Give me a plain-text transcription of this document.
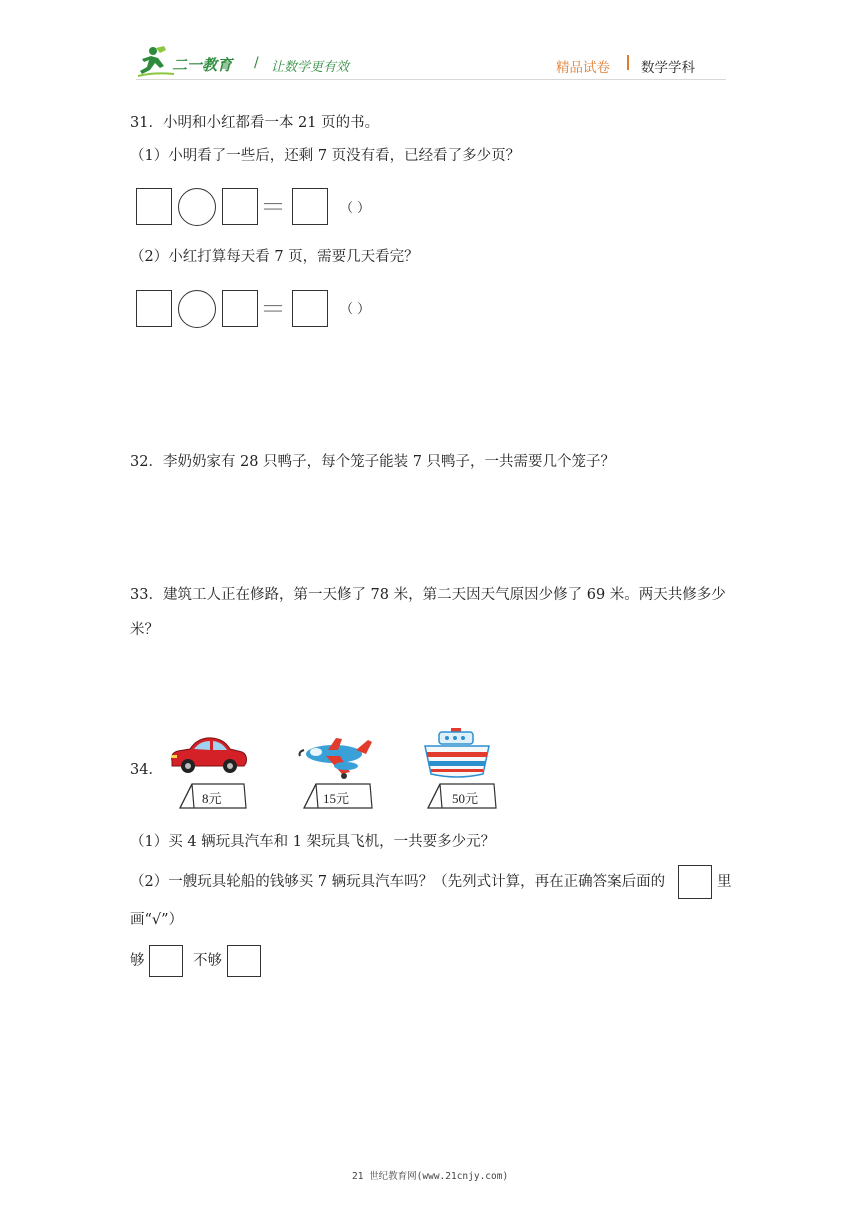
二一教育 / 让数学更有效	精品试卷 数学学科
31．小明和小红都看一本 21 页的书。
（1）小明看了一些后，还剩 7 页没有看，已经看了多少页？
＝	（ ）
（2）小红打算每天看 7 页，需要几天看完？
＝	（ ）
32．李奶奶家有 28 只鸭子，每个笼子能装 7 只鸭子，一共需要几个笼子？
33．建筑工人正在修路，第一天修了 78 米，第二天因天气原因少修了 69 米。两天共修多少
米？
34．
8元	15元	50元
（1）买 4 辆玩具汽车和 1 架玩具飞机，一共要多少元？
（2）一艘玩具轮船的钱够买 7 辆玩具汽车吗？（先列式计算，再在正确答案后面的	里
画“√”）
够	不够
21 世纪教育网(www.21cnjy.com)
